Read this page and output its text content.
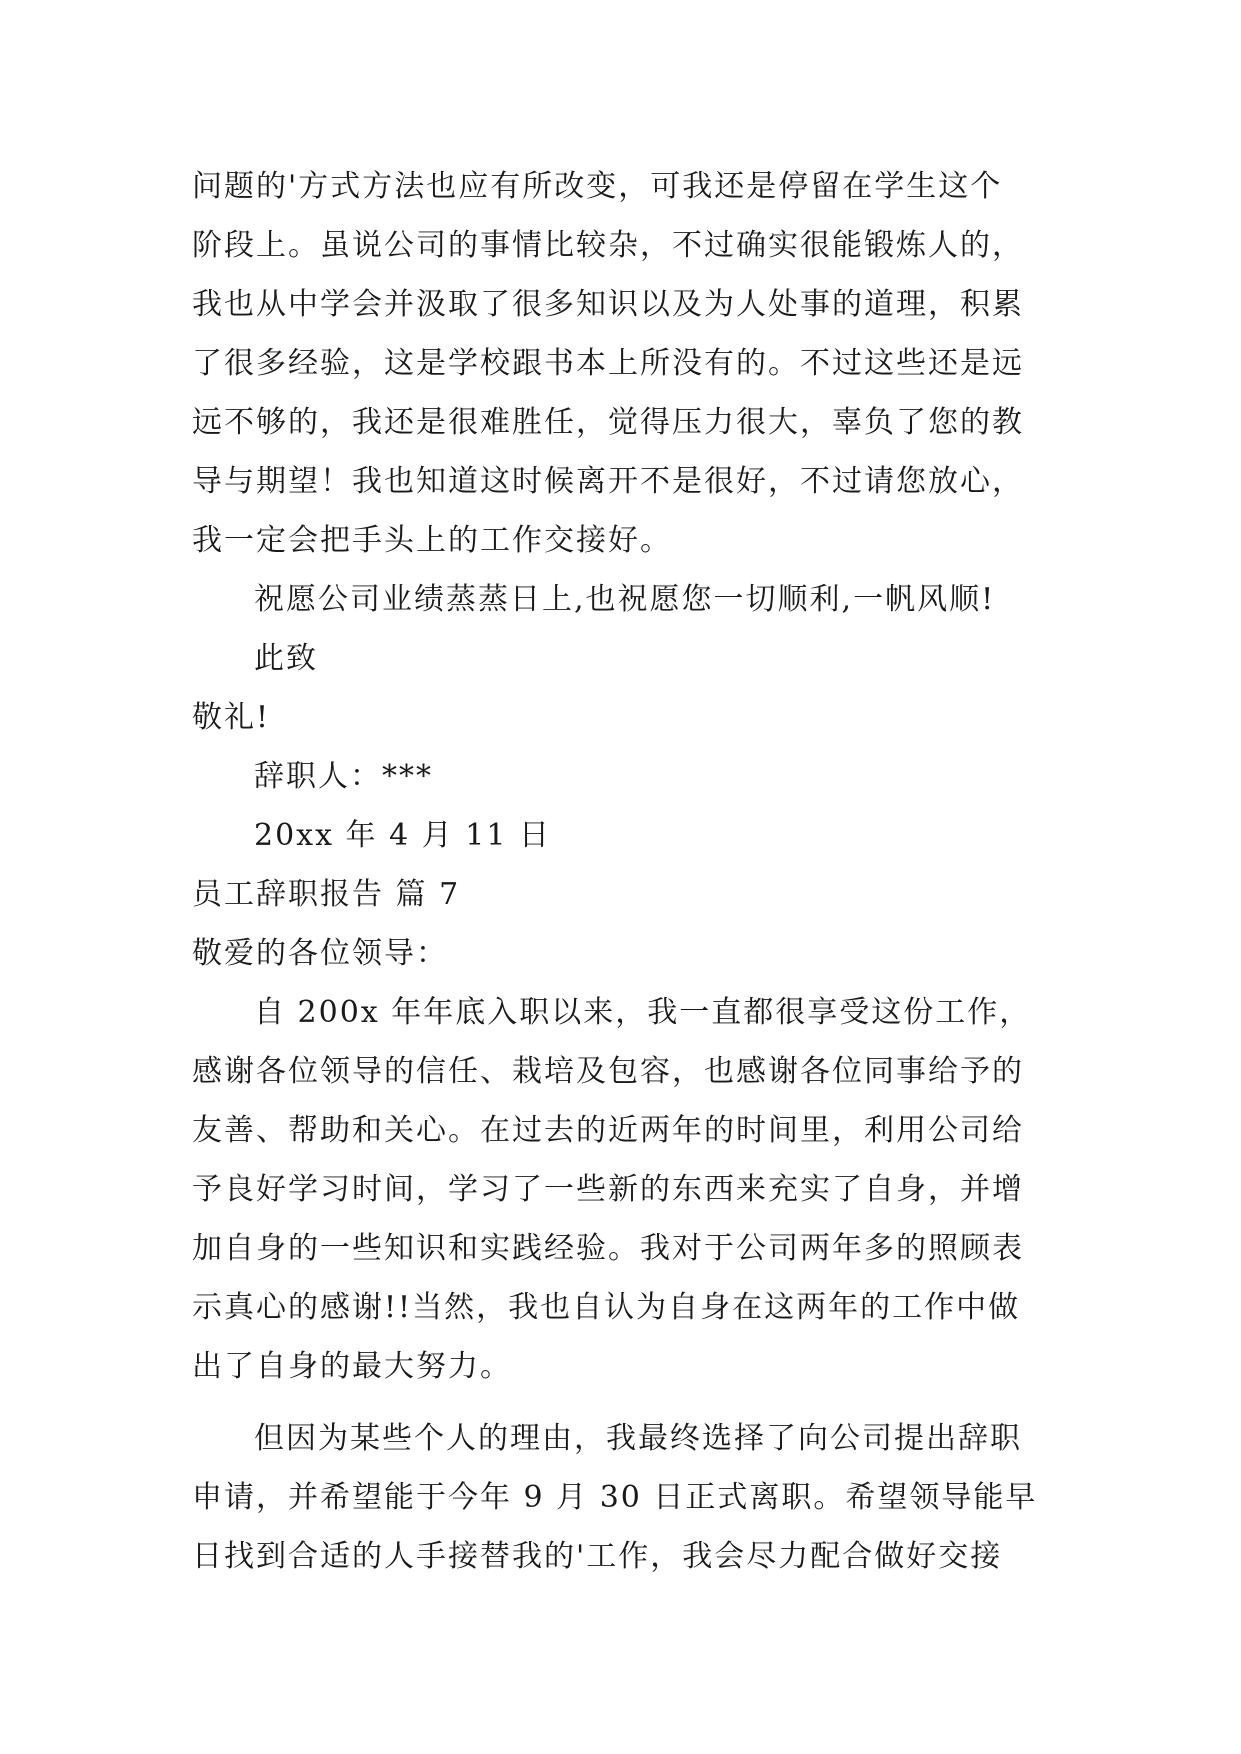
问题的'方式方法也应有所改变，可我还是停留在学生这个
阶段上。虽说公司的事情比较杂，不过确实很能锻炼人的，
我也从中学会并汲取了很多知识以及为人处事的道理，积累
了很多经验，这是学校跟书本上所没有的。不过这些还是远
远不够的，我还是很难胜任，觉得压力很大，辜负了您的教
导与期望！我也知道这时候离开不是很好，不过请您放心，
我一定会把手头上的工作交接好。
祝愿公司业绩蒸蒸日上,也祝愿您一切顺利,一帆风顺!
此致
敬礼!
辞职人：***
20xx 年 4 月 11 日
员工辞职报告 篇 7
敬爱的各位领导：
自 200x 年年底入职以来，我一直都很享受这份工作，
感谢各位领导的信任、栽培及包容，也感谢各位同事给予的
友善、帮助和关心。在过去的近两年的时间里，利用公司给
予良好学习时间，学习了一些新的东西来充实了自身，并增
加自身的一些知识和实践经验。我对于公司两年多的照顾表
示真心的感谢!!当然，我也自认为自身在这两年的工作中做
出了自身的最大努力。
但因为某些个人的理由，我最终选择了向公司提出辞职
申请，并希望能于今年 9 月 30 日正式离职。希望领导能早
日找到合适的人手接替我的'工作，我会尽力配合做好交接
